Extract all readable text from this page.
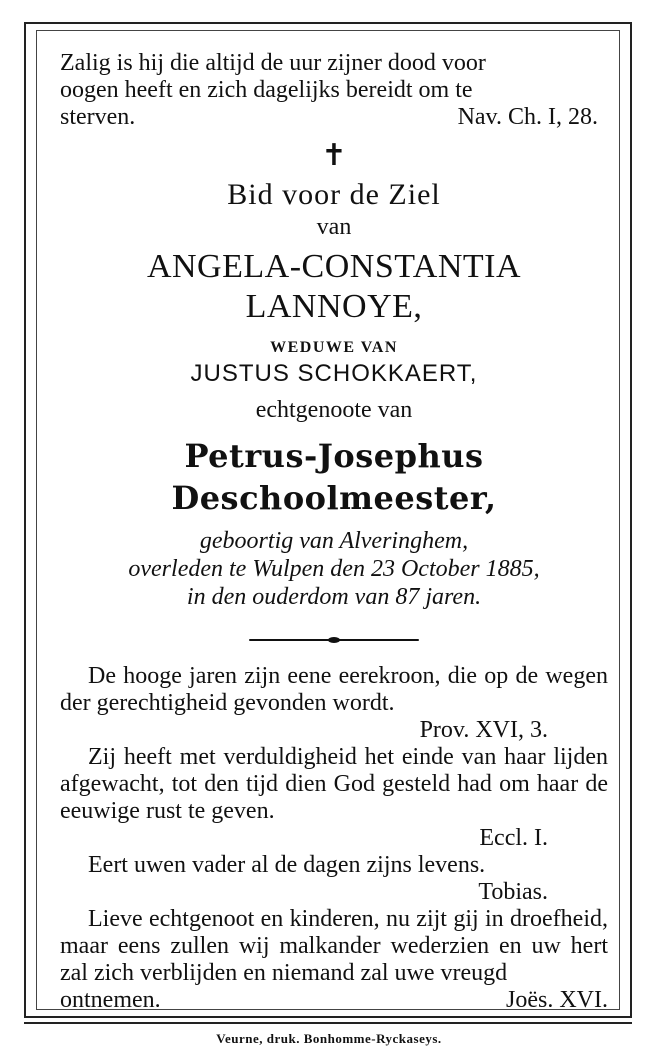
Zalig is hij die altijd de uur zijner dood voor

oogen heeft en zich dagelijks bereidt om te

sterven.	Nav. Ch. I, 28.
✝
Bid voor de Ziel
van
ANGELA-CONSTANTIA LANNOYE,
WEDUWE VAN
JUSTUS SCHOKKAERT,
echtgenoote van
Petrus-Josephus Deschoolmeester,
geboortig van Alveringhem,
overleden te Wulpen den 23 October 1885,
in den ouderdom van 87 jaren.

De hooge jaren zijn eene eerekroon, die op de wegen der gerechtigheid gevonden wordt.

Prov. XVI, 3.

Zij heeft met verduldigheid het einde van haar lijden afgewacht, tot den tijd dien God gesteld had om haar de eeuwige rust te geven.

Eccl. I.

Eert uwen vader al de dagen zijns levens.

Tobias.

Lieve echtgenoot en kinderen, nu zijt gij in droefheid, maar eens zullen wij malkander wederzien en uw hert zal zich verblijden en niemand zal uwe vreugd

ontnemen.	Joës. XVI.
Veurne, druk. Bonhomme-Ryckaseys.
